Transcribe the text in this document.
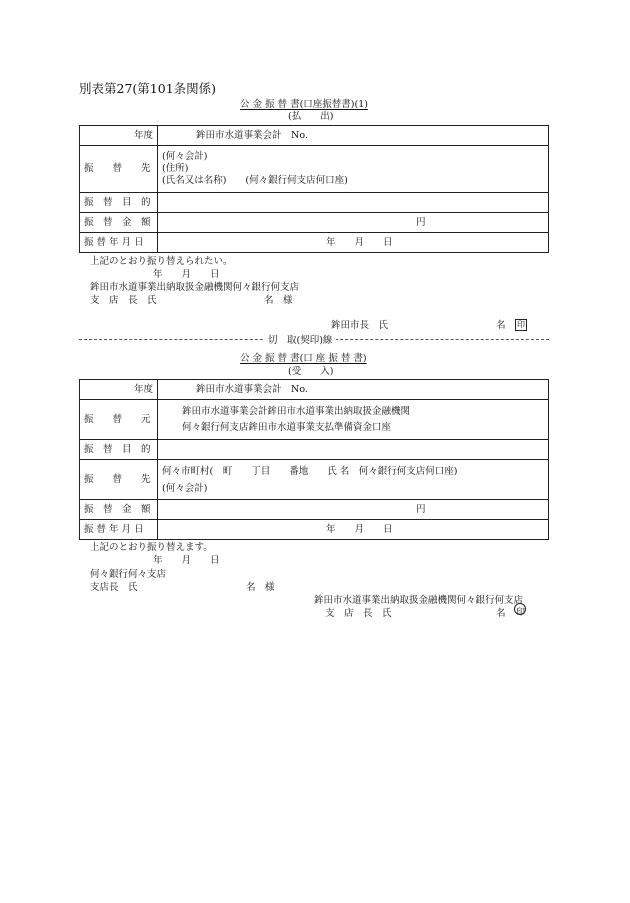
別表第27(第101条関係)
公 金 振 替 書(口座振替書)(1)
(払　　出)
年度	鉾田市水道事業会計　No.
振　　替　　先	(何々会計)
(住所)
(氏名又は名称)　　(何々銀行何支店何口座)

振　替　目　的	
振　替　金　額	円
振 替 年 月 日	年　　月　　日
上記のとおり振り替えられたい。
年　　月　　日
鉾田市水道事業出納取扱金融機関何々銀行何支店
支　店　長　氏	名　様
鉾田市長　氏	名 印
切　取(契印)線
公 金 振 替 書(口 座 振 替 書)
(受　　入)
年度	鉾田市水道事業会計　No.
振　　替　　元	鉾田市水道事業会計鉾田市水道事業出納取扱金融機関
何々銀行何支店鉾田市水道事業支払準備資金口座

振　替　目　的	
振　　替　　先	何々市町村(　町　　丁目　　番地　　氏 名　何々銀行何支店何口座)
(何々会計)

振　替　金　額	円
振 替 年 月 日	年　　月　　日
上記のとおり振り替えます。
年　　月　　日
何々銀行何々支店
支店長　氏	名　様
鉾田市水道事業出納取扱金融機関何々銀行何支店
支　店　長　氏	名 印
